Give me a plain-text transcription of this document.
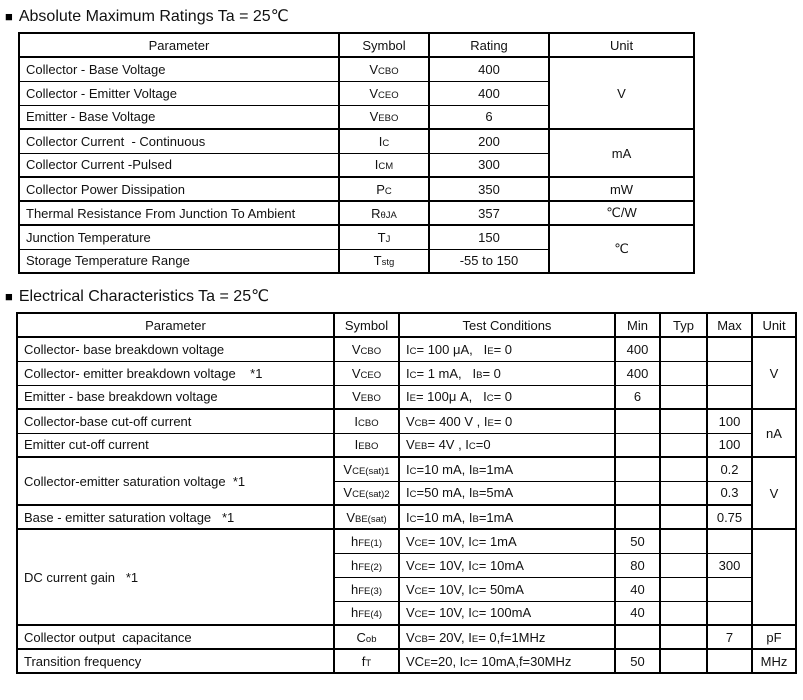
■ Absolute Maximum Ratings Ta = 25℃
Parameter	Symbol	Rating	Unit
Collector - Base Voltage	VCBO	400	V
Collector - Emitter Voltage	VCEO	400	
Emitter - Base Voltage	VEBO	6	
Collector Current  - Continuous	IC	200	mA
Collector Current -Pulsed	ICM	300	
Collector Power Dissipation	PC	350	mW
Thermal Resistance From Junction To Ambient	RθJA	357	℃/W
Junction Temperature	TJ	150	℃
Storage Temperature Range	Tstg	-55 to 150	
■ Electrical Characteristics Ta = 25℃
Parameter	Symbol	Test Conditions	Min	Typ	Max	Unit
Collector- base breakdown voltage	VCBO	IC= 100 μA,   IE= 0	400			V
Collector- emitter breakdown voltage    *1	VCEO	IC= 1 mA,   IB= 0	400			
Emitter - base breakdown voltage	VEBO	IE= 100μ A,   IC= 0	6			
Collector-base cut-off current	ICBO	VCB= 400 V , IE= 0			100	nA
Emitter cut-off current	IEBO	VEB= 4V , IC=0			100	
Collector-emitter saturation voltage  *1	VCE(sat)1	IC=10 mA, IB=1mA			0.2	V
	VCE(sat)2	IC=50 mA, IB=5mA			0.3	
Base - emitter saturation voltage   *1	VBE(sat)	IC=10 mA, IB=1mA			0.75	
DC current gain   *1	hFE(1)	VCE= 10V, IC= 1mA	50			
	hFE(2)	VCE= 10V, IC= 10mA	80		300	
	hFE(3)	VCE= 10V, IC= 50mA	40			
	hFE(4)	VCE= 10V, IC= 100mA	40			
Collector output  capacitance	Cob	VCB= 20V, IE= 0,f=1MHz			7	pF
Transition frequency	fT	VCE=20, IC= 10mA,f=30MHz	50			MHz
